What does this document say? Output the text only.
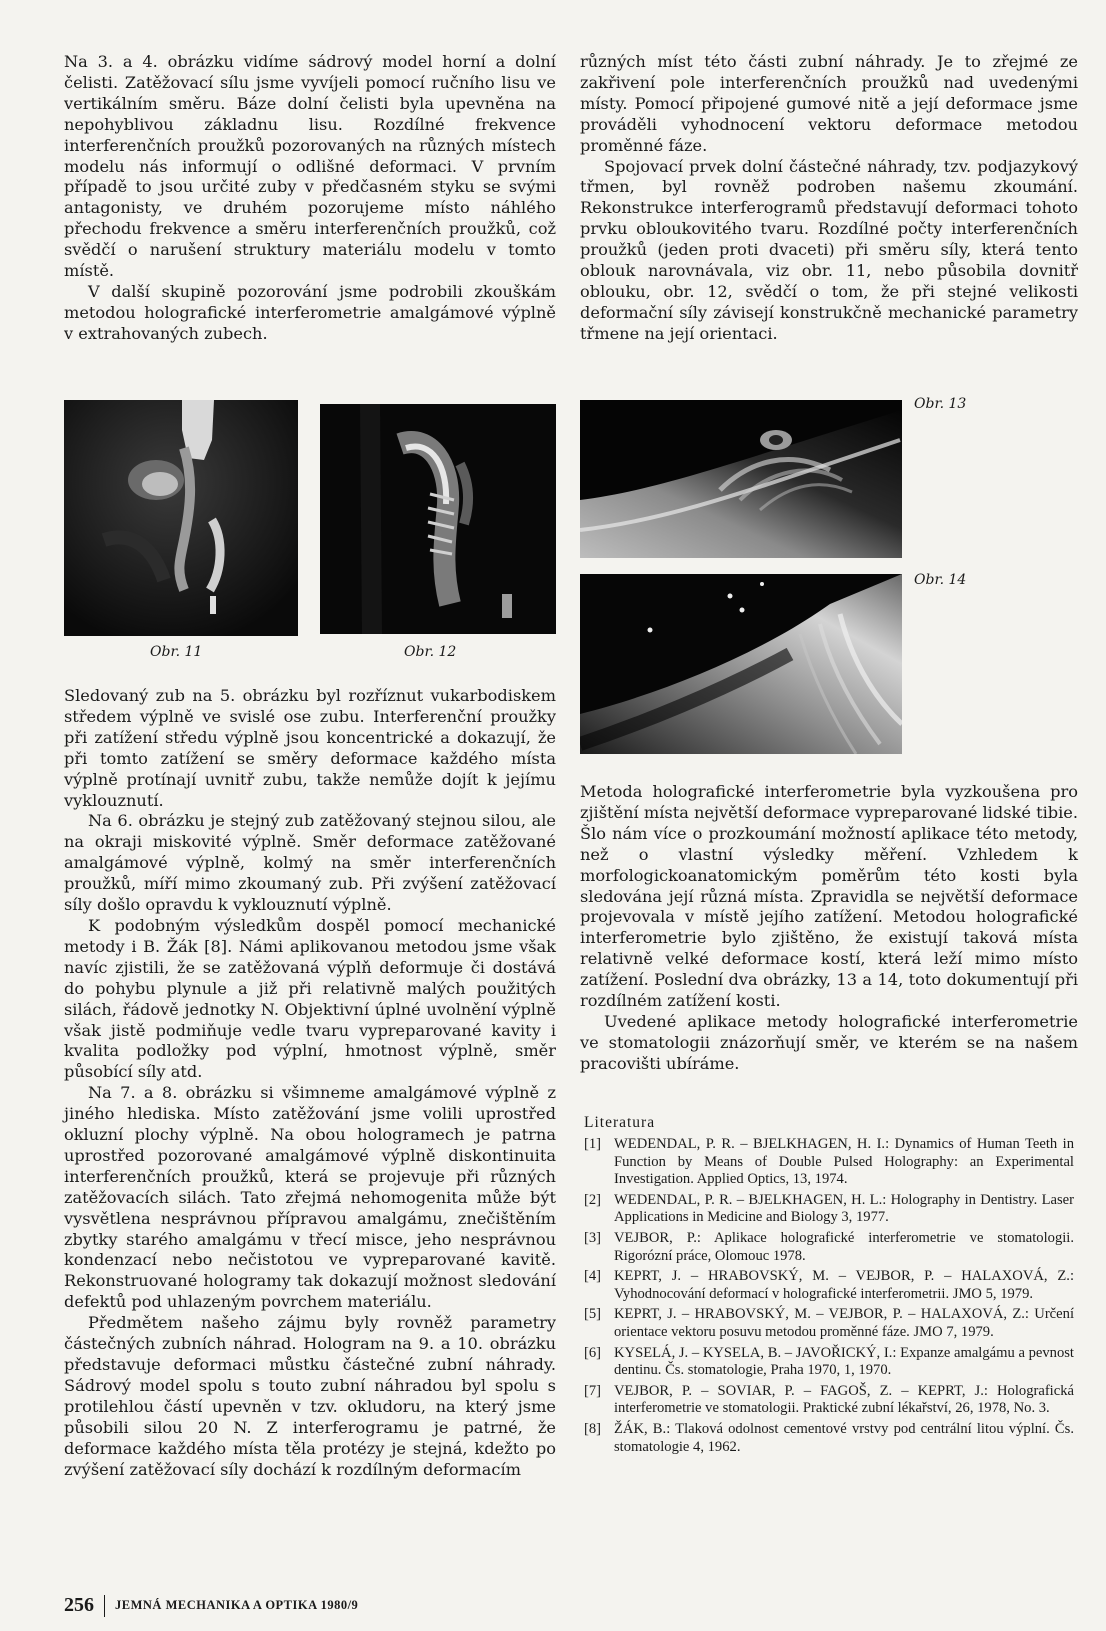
Na 3. a 4. obrázku vidíme sádrový model horní a dolní čelisti. Zatěžovací sílu jsme vyvíjeli pomocí ručního lisu ve vertikálním směru. Báze dolní čelisti byla upevněna na nepohyblivou základnu lisu. Rozdílné frekvence interferenčních proužků pozorovaných na různých místech modelu nás informují o odlišné deformaci. V prvním případě to jsou určité zuby v předčasném styku se svými antagonisty, ve druhém pozorujeme místo náhlého přechodu frekvence a směru interferenčních proužků, což svědčí o narušení struktury materiálu modelu v tomto místě.

V další skupině pozorování jsme podrobili zkouškám metodou holografické interferometrie amalgámové výplně v extrahovaných zubech.

různých míst této části zubní náhrady. Je to zřejmé ze zakřivení pole interferenčních proužků nad uvedenými místy. Pomocí připojené gumové nitě a její deformace jsme prováděli vyhodnocení vektoru deformace metodou proměnné fáze.

Spojovací prvek dolní částečné náhrady, tzv. podjazykový třmen, byl rovněž podroben našemu zkoumání. Rekonstrukce interferogramů představují deformaci tohoto prvku obloukovitého tvaru. Rozdílné počty interferenčních proužků (jeden proti dvaceti) při směru síly, která tento oblouk narovnávala, viz obr. 11, nebo působila dovnitř oblouku, obr. 12, svědčí o tom, že při stejné velikosti deformační síly závisejí konstrukčně mechanické parametry třmene na její orientaci.

Obr. 11	Obr. 12
Obr. 13
Obr. 14

Sledovaný zub na 5. obrázku byl rozříznut vukarbodiskem středem výplně ve svislé ose zubu. Interferenční proužky při zatížení středu výplně jsou koncentrické a dokazují, že při tomto zatížení se směry deformace každého místa výplně protínají uvnitř zubu, takže nemůže dojít k jejímu vyklouznutí.

Na 6. obrázku je stejný zub zatěžovaný stejnou silou, ale na okraji miskovité výplně. Směr deformace zatěžované amalgámové výplně, kolmý na směr interferenčních proužků, míří mimo zkoumaný zub. Při zvýšení zatěžovací síly došlo opravdu k vyklouznutí výplně.

K podobným výsledkům dospěl pomocí mechanické metody i B. Žák [8]. Námi aplikovanou metodou jsme však navíc zjistili, že se zatěžovaná výplň deformuje či dostává do pohybu plynule a již při relativně malých použitých silách, řádově jednotky N. Objektivní úplné uvolnění výplně však jistě podmiňuje vedle tvaru vypreparované kavity i kvalita podložky pod výplní, hmotnost výplně, směr působící síly atd.

Na 7. a 8. obrázku si všimneme amalgámové výplně z jiného hlediska. Místo zatěžování jsme volili uprostřed okluzní plochy výplně. Na obou hologramech je patrna uprostřed pozorované amalgámové výplně diskontinuita interferenčních proužků, která se projevuje při různých zatěžovacích silách. Tato zřejmá nehomogenita může být vysvětlena nesprávnou přípravou amalgámu, znečištěním zbytky starého amalgámu v třecí misce, jeho nesprávnou kondenzací nebo nečistotou ve vypreparované kavitě. Rekonstruované hologramy tak dokazují možnost sledování defektů pod uhlazeným povrchem materiálu.

Předmětem našeho zájmu byly rovněž parametry částečných zubních náhrad. Hologram na 9. a 10. obrázku představuje deformaci můstku částečné zubní náhrady. Sádrový model spolu s touto zubní náhradou byl spolu s protilehlou částí upevněn v tzv. okludoru, na který jsme působili silou 20 N. Z interferogramu je patrné, že deformace každého místa těla protézy je stejná, kdežto po zvýšení zatěžovací síly dochází k rozdílným deformacím

Metoda holografické interferometrie byla vyzkoušena pro zjištění místa největší deformace vypreparované lidské tibie. Šlo nám více o prozkoumání možností aplikace této metody, než o vlastní výsledky měření. Vzhledem k morfologickoanatomickým poměrům této kosti byla sledována její různá místa. Zpravidla se největší deformace projevovala v místě jejího zatížení. Metodou holografické interferometrie bylo zjištěno, že existují taková místa relativně velké deformace kostí, která leží mimo místo zatížení. Poslední dva obrázky, 13 a 14, toto dokumentují při rozdílném zatížení kosti.

Uvedené aplikace metody holografické interferometrie ve stomatologii znázorňují směr, ve kterém se na našem pracovišti ubíráme.

Literatura
[1] WEDENDAL, P. R. – BJELKHAGEN, H. I.: Dynamics of Human Teeth in Function by Means of Double Pulsed Holography: an Experimental Investigation. Applied Optics, 13, 1974.
[2] WEDENDAL, P. R. – BJELKHAGEN, H. L.: Holography in Dentistry. Laser Applications in Medicine and Biology 3, 1977.
[3] VEJBOR, P.: Aplikace holografické interferometrie ve stomatologii. Rigorózní práce, Olomouc 1978.
[4] KEPRT, J. – HRABOVSKÝ, M. – VEJBOR, P. – HALAXOVÁ, Z.: Vyhodnocování deformací v holografické interferometrii. JMO 5, 1979.
[5] KEPRT, J. – HRABOVSKÝ, M. – VEJBOR, P. – HALAXOVÁ, Z.: Určení orientace vektoru posuvu metodou proměnné fáze. JMO 7, 1979.
[6] KYSELÁ, J. – KYSELA, B. – JAVOŘICKÝ, I.: Expanze amalgámu a pevnost dentinu. Čs. stomatologie, Praha 1970, 1, 1970.
[7] VEJBOR, P. – SOVIAR, P. – FAGOŠ, Z. – KEPRT, J.: Holografická interferometrie ve stomatologii. Praktické zubní lékařství, 26, 1978, No. 3.
[8] ŽÁK, B.: Tlaková odolnost cementové vrstvy pod centrální litou výplní. Čs. stomatologie 4, 1962.
256 JEMNÁ MECHANIKA A OPTIKA 1980/9
